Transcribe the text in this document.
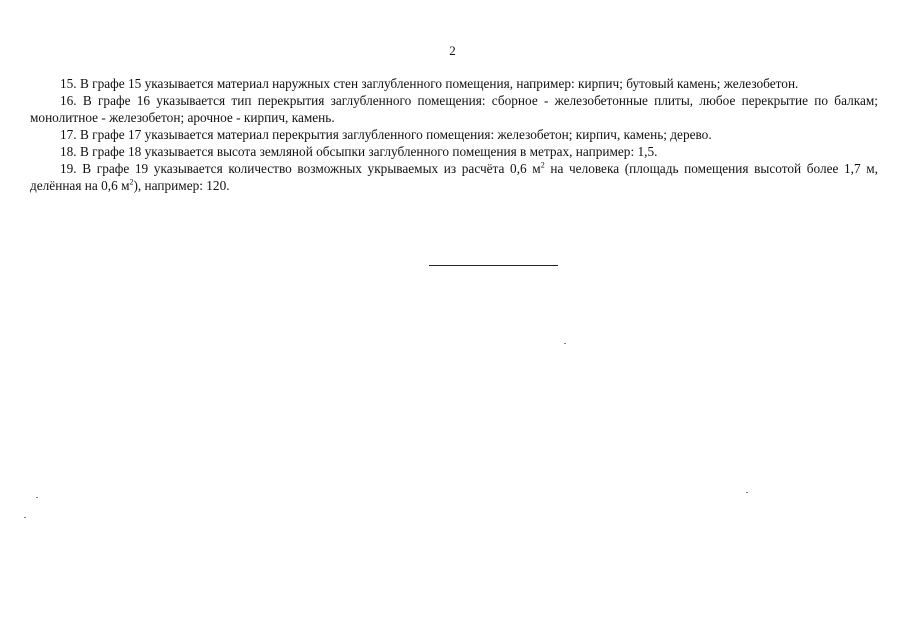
2

15. В графе 15 указывается материал наружных стен заглубленного помещения, например: кирпич; бутовый камень; железобетон.

16. В графе 16 указывается тип перекрытия заглубленного помещения: сборное - железобетонные плиты, любое перекрытие по балкам; монолитное - железобетон; арочное - кирпич, камень.

17. В графе 17 указывается материал перекрытия заглубленного помещения: железобетон; кирпич, камень; дерево.

18. В графе 18 указывается высота земляной обсыпки заглубленного помещения в метрах, например: 1,5.

19. В графе 19 указывается количество возможных укрываемых из расчёта 0,6 $м^2$ на человека (площадь помещения высотой более 1,7 м, делённая на 0,6 $м^2$), например: 120.
